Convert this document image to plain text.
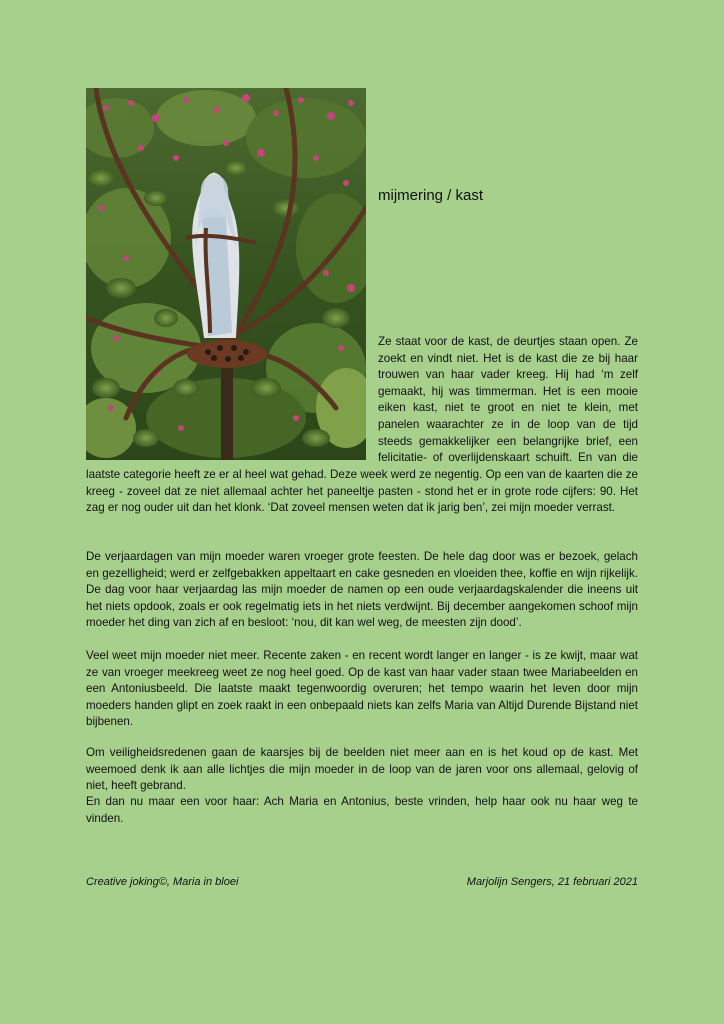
mijmering / kast

Ze staat voor de kast, de deurtjes staan open. Ze zoekt en vindt niet. Het is de kast die ze bij haar trouwen van haar vader kreeg. Hij had ‘m zelf gemaakt, hij was timmerman. Het is een mooie eiken kast, niet te groot en niet te klein, met panelen waarachter ze in de loop van de tijd steeds gemakkelijker een belangrijke brief, een felicitatie- of overlijdenskaart schuift. En van die

laatste categorie heeft ze er al heel wat gehad. Deze week werd ze negentig. Op een van de kaarten die ze kreeg - zoveel dat ze niet allemaal achter het paneeltje pasten - stond het er in grote rode cijfers: 90. Het zag er nog ouder uit dan het klonk. ‘Dat zoveel mensen weten dat ik jarig ben’, zei mijn moeder verrast.

De verjaardagen van mijn moeder waren vroeger grote feesten. De hele dag door was er bezoek, gelach en gezelligheid; werd er zelfgebakken appeltaart en cake gesneden en vloeiden thee, koffie en wijn rijkelijk. De dag voor haar verjaardag las mijn moeder de namen op een oude verjaardagskalender die ineens uit het niets opdook, zoals er ook regelmatig iets in het niets verdwijnt. Bij december aangekomen schoof mijn moeder het ding van zich af en besloot: ‘nou, dit kan wel weg, de meesten zijn dood’.

Veel weet mijn moeder niet meer. Recente zaken - en recent wordt langer en langer - is ze kwijt, maar wat ze van vroeger meekreeg weet ze nog heel goed. Op de kast van haar vader staan twee Mariabeelden en een Antoniusbeeld. Die laatste maakt tegenwoordig overuren; het tempo waarin het leven door mijn moeders handen glipt en zoek raakt in een onbepaald niets kan zelfs Maria van Altijd Durende Bijstand niet bijbenen.

Om veiligheidsredenen gaan de kaarsjes bij de beelden niet meer aan en is het koud op de kast. Met weemoed denk ik aan alle lichtjes die mijn moeder in de loop van de jaren voor ons allemaal, gelovig of niet, heeft gebrand.

En dan nu maar een voor haar: Ach Maria en Antonius, beste vrinden, help haar ook nu haar weg te vinden.

Creative joking©, Maria in bloei	Marjolijn Sengers, 21 februari 2021
